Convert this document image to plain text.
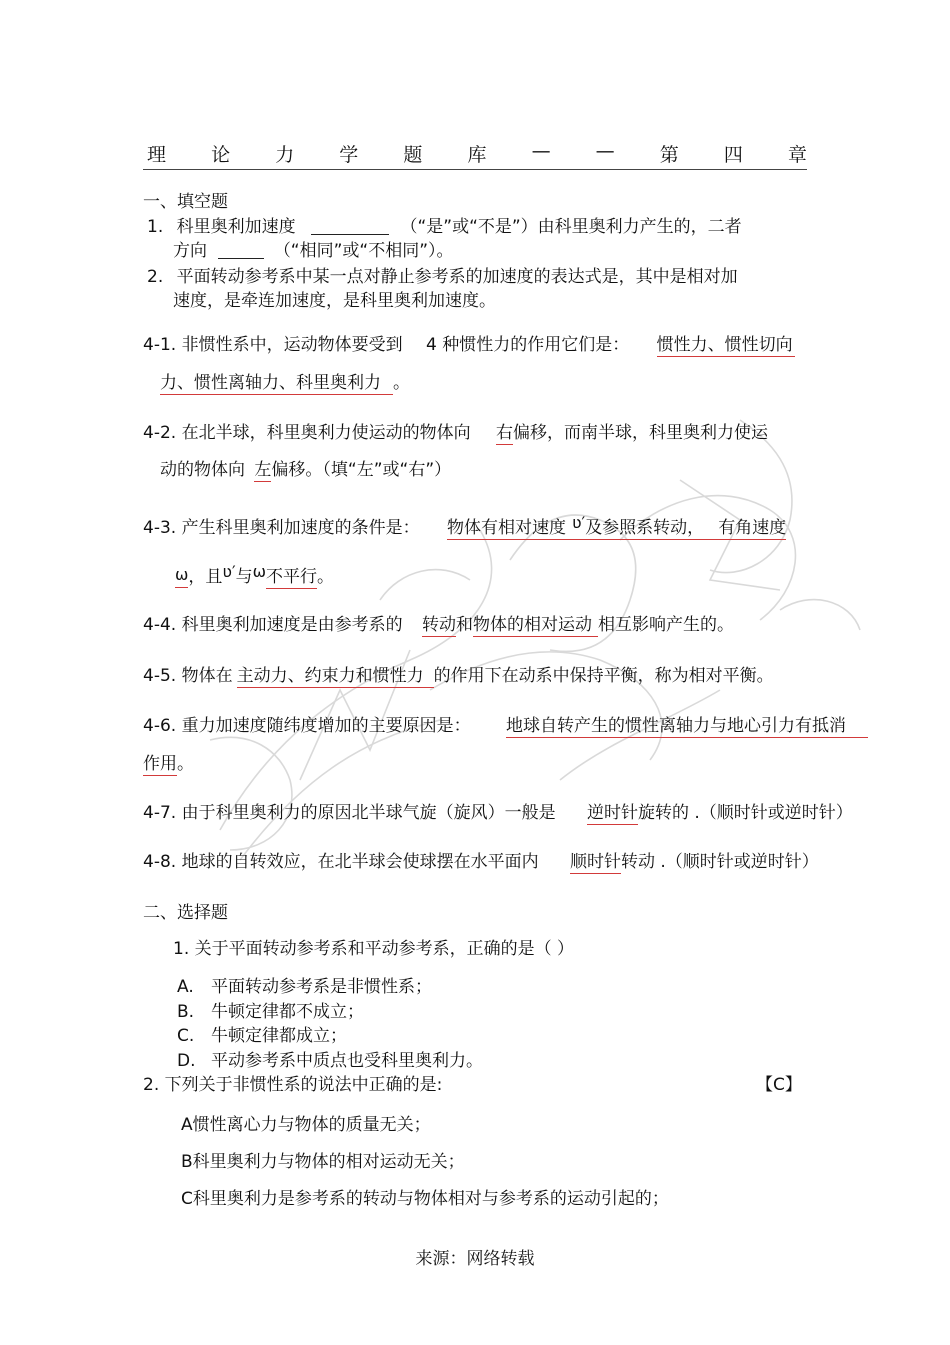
理 论 力 学 题 库 — — 第 四 章
一、填空题
1. 科里奥利加速度	（“是”或“不是”）由科里奥利力产生的，二者
方向	（“相同”或“不相同”）。
2. 平面转动参考系中某一点对静止参考系的加速度的表达式是，其中是相对加
速度，是牵连加速度，是科里奥利加速度。
4-1. 非惯性系中，运动物体要受到 4 种惯性力的作用它们是： 惯性力、惯性切向
力、惯性离轴力、科里奥利力 。
4-2. 在北半球，科里奥利力使运动的物体向 右偏移，而南半球，科里奥利力使运
动的物体向 左偏移。（填“左”或“右”）
4-3. 产生科里奥利加速度的条件是： 物体有相对速度 ʋ′及参照系转动， 有角速度
ω，且ʋ′与ω不平行。
4-4. 科里奥利加速度是由参考系的 转动和物体的相对运动 相互影响产生的。
4-5. 物体在 主动力、约束力和惯性力 的作用下在动系中保持平衡，称为相对平衡。
4-6. 重力加速度随纬度增加的主要原因是： 地球自转产生的惯性离轴力与地心引力有抵消
作用。
4-7. 由于科里奥利力的原因北半球气旋（旋风）一般是 逆时针旋转的 .（顺时针或逆时针）
4-8. 地球的自转效应，在北半球会使球摆在水平面内 顺时针转动 .（顺时针或逆时针）
二、选择题
1. 关于平面转动参考系和平动参考系，正确的是（ ）
A. 平面转动参考系是非惯性系；
B. 牛顿定律都不成立；
C. 牛顿定律都成立；
D. 平动参考系中质点也受科里奥利力。
2. 下列关于非惯性系的说法中正确的是:	【C】
A惯性离心力与物体的质量无关；
B科里奥利力与物体的相对运动无关；
C科里奥利力是参考系的转动与物体相对与参考系的运动引起的；
来源：网络转载
